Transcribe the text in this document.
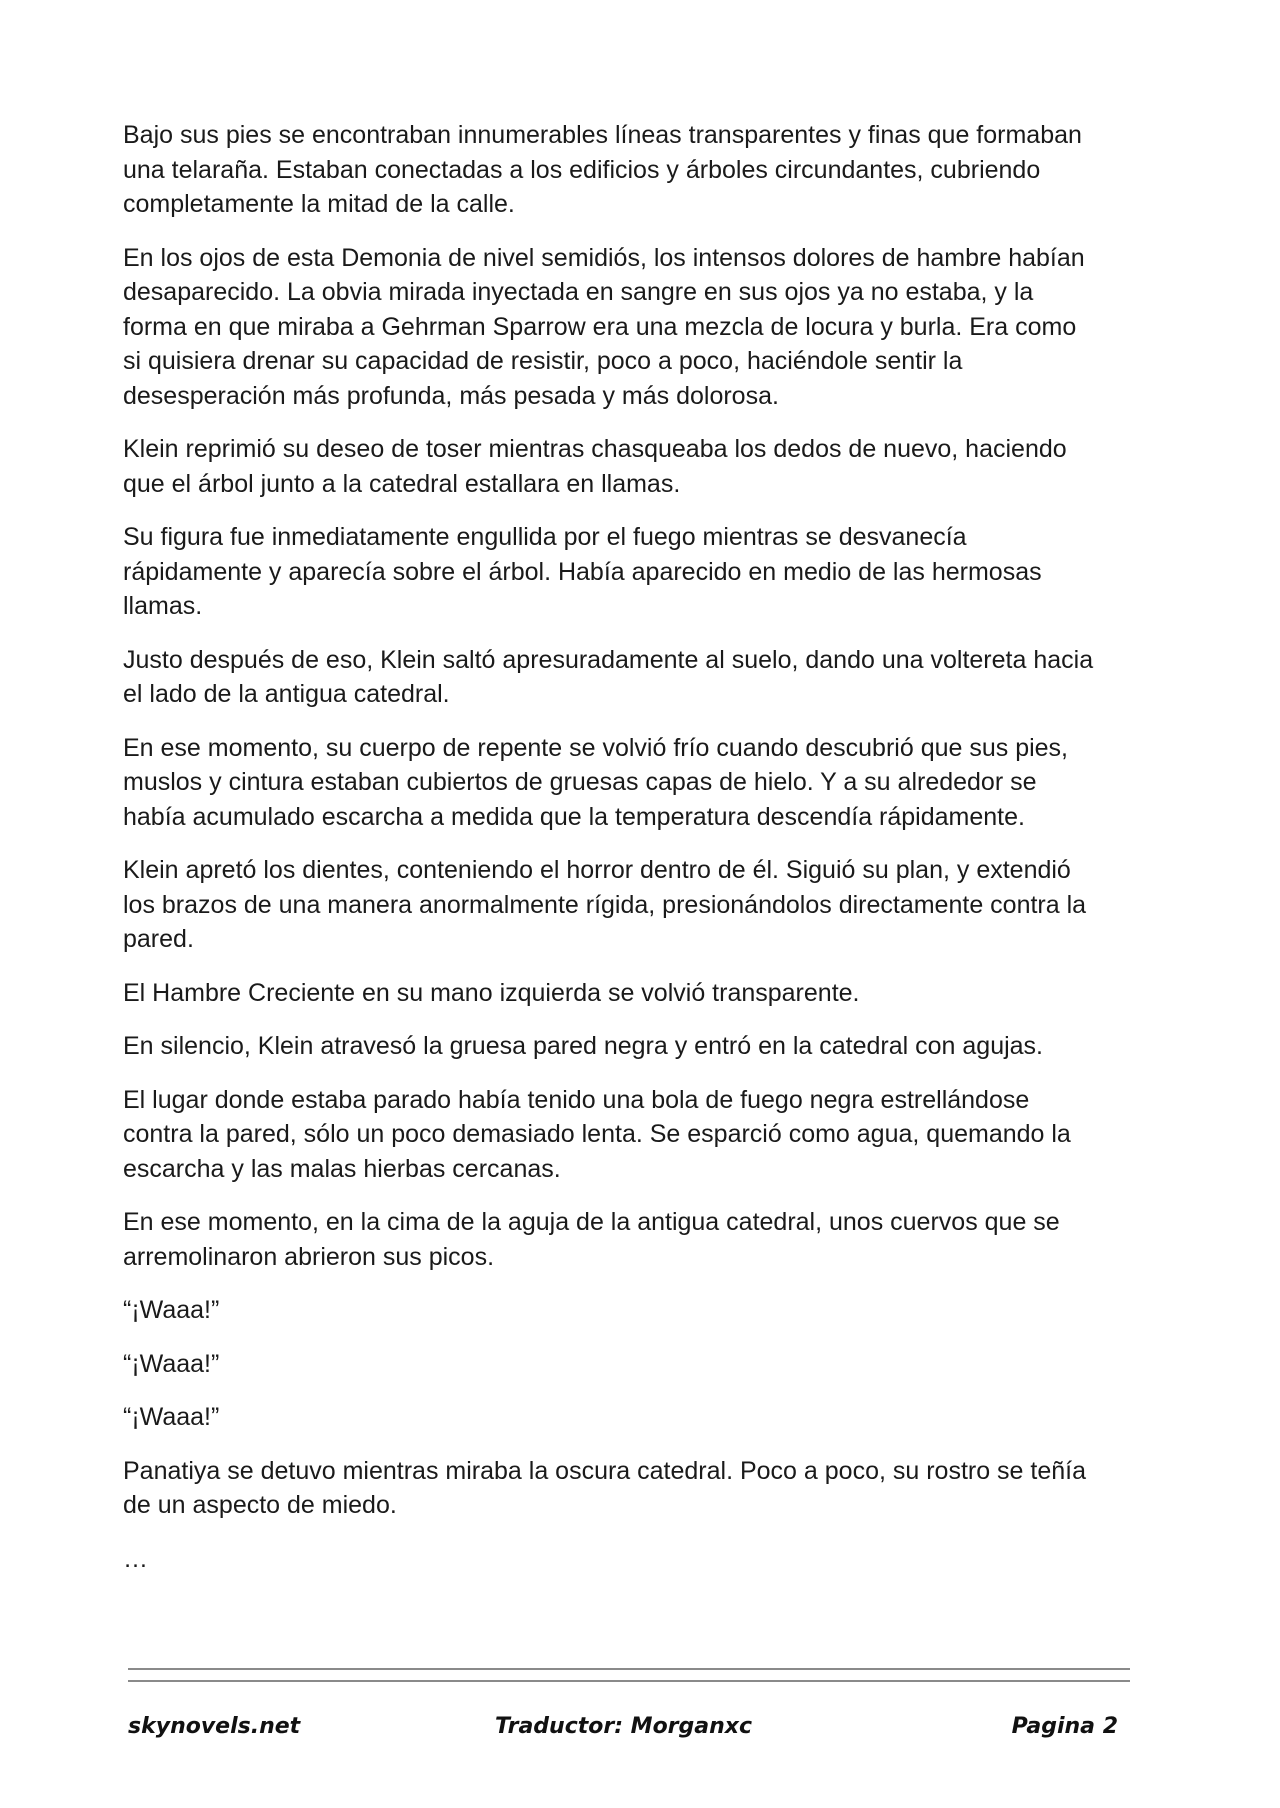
Bajo sus pies se encontraban innumerables líneas transparentes y finas que formaban
una telaraña. Estaban conectadas a los edificios y árboles circundantes, cubriendo
completamente la mitad de la calle.

En los ojos de esta Demonia de nivel semidiós, los intensos dolores de hambre habían
desaparecido. La obvia mirada inyectada en sangre en sus ojos ya no estaba, y la
forma en que miraba a Gehrman Sparrow era una mezcla de locura y burla. Era como
si quisiera drenar su capacidad de resistir, poco a poco, haciéndole sentir la
desesperación más profunda, más pesada y más dolorosa.

Klein reprimió su deseo de toser mientras chasqueaba los dedos de nuevo, haciendo
que el árbol junto a la catedral estallara en llamas.

Su figura fue inmediatamente engullida por el fuego mientras se desvanecía
rápidamente y aparecía sobre el árbol. Había aparecido en medio de las hermosas
llamas.

Justo después de eso, Klein saltó apresuradamente al suelo, dando una voltereta hacia
el lado de la antigua catedral.

En ese momento, su cuerpo de repente se volvió frío cuando descubrió que sus pies,
muslos y cintura estaban cubiertos de gruesas capas de hielo. Y a su alrededor se
había acumulado escarcha a medida que la temperatura descendía rápidamente.

Klein apretó los dientes, conteniendo el horror dentro de él. Siguió su plan, y extendió
los brazos de una manera anormalmente rígida, presionándolos directamente contra la
pared.

El Hambre Creciente en su mano izquierda se volvió transparente.

En silencio, Klein atravesó la gruesa pared negra y entró en la catedral con agujas.

El lugar donde estaba parado había tenido una bola de fuego negra estrellándose
contra la pared, sólo un poco demasiado lenta. Se esparció como agua, quemando la
escarcha y las malas hierbas cercanas.

En ese momento, en la cima de la aguja de la antigua catedral, unos cuervos que se
arremolinaron abrieron sus picos.

“¡Waaa!”

“¡Waaa!”

“¡Waaa!”

Panatiya se detuvo mientras miraba la oscura catedral. Poco a poco, su rostro se teñía
de un aspecto de miedo.

…

skynovels.net	Traductor: Morganxc	Pagina 2
